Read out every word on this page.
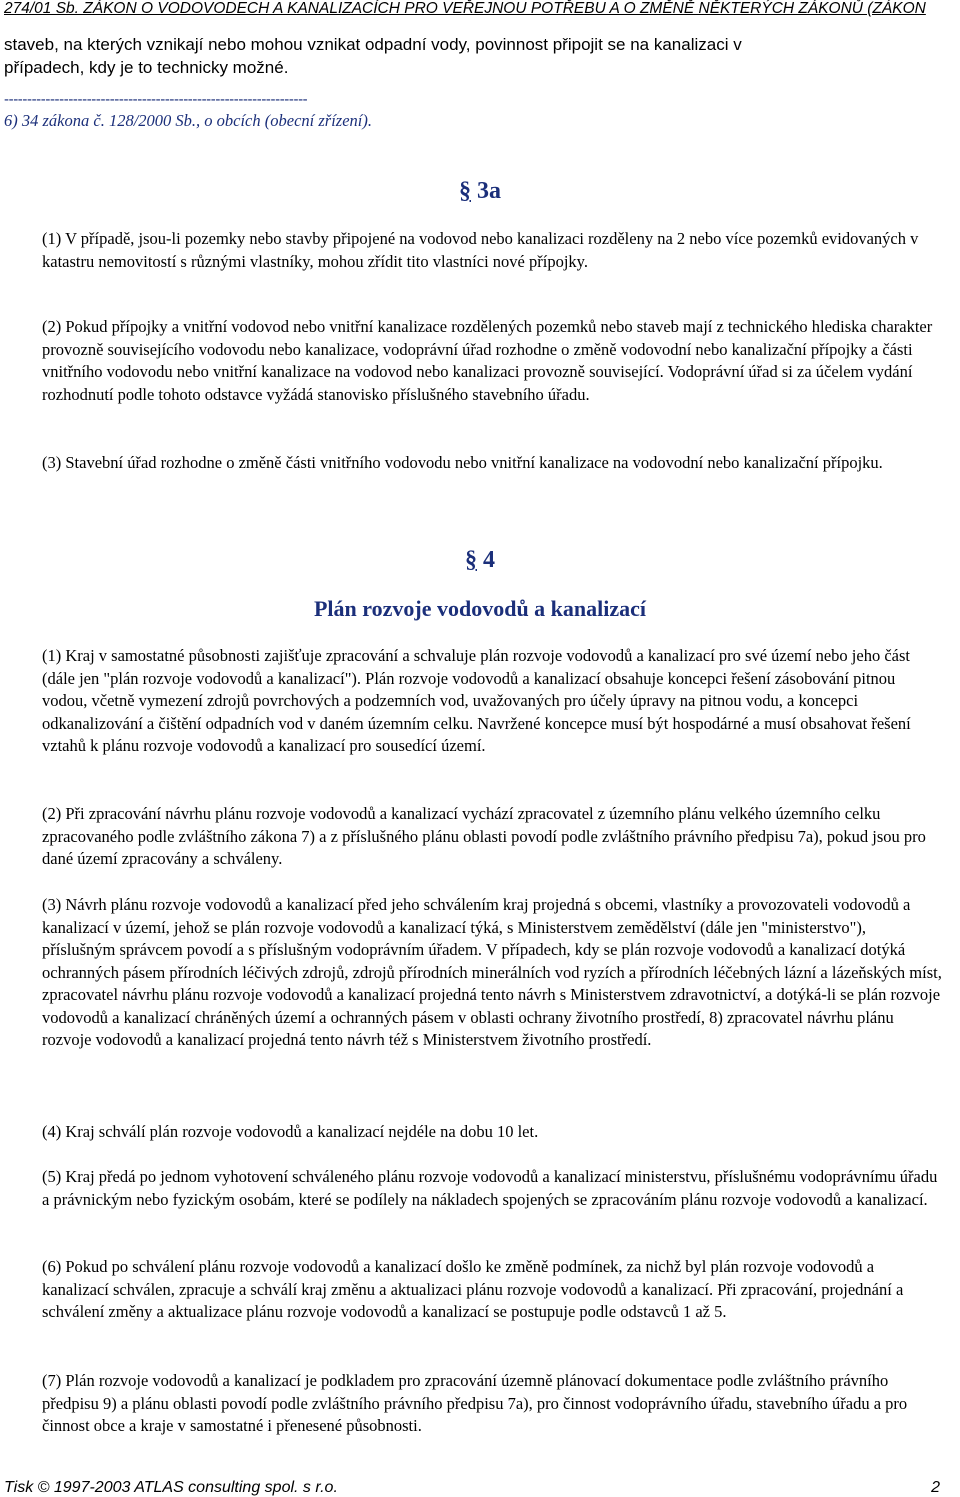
274/01 Sb. ZÁKON O VODOVODECH A KANALIZACÍCH PRO VEŘEJNOU POTŘEBU A O ZMĚNĚ NĚKTERÝCH ZÁKONŮ (ZÁKON

staveb, na kterých vznikají nebo mohou vznikat odpadní vody, povinnost připojit se na kanalizaci v

případech, kdy je to technicky možné.

------------------------------------------------------------------
6) 34 zákona č. 128/2000 Sb., o obcích (obecní zřízení).
§ 3a

(1) V případě, jsou-li pozemky nebo stavby připojené na vodovod nebo kanalizaci rozděleny na 2 nebo více pozemků evidovaných v katastru nemovitostí s různými vlastníky, mohou zřídit tito vlastníci nové přípojky.

(2) Pokud přípojky a vnitřní vodovod nebo vnitřní kanalizace rozdělených pozemků nebo staveb mají z technického hlediska charakter provozně souvisejícího vodovodu nebo kanalizace, vodoprávní úřad rozhodne o změně vodovodní nebo kanalizační přípojky a části vnitřního vodovodu nebo vnitřní kanalizace na vodovod nebo kanalizaci provozně související. Vodoprávní úřad si za účelem vydání rozhodnutí podle tohoto odstavce vyžádá stanovisko příslušného stavebního úřadu.

(3) Stavební úřad rozhodne o změně části vnitřního vodovodu nebo vnitřní kanalizace na vodovodní nebo kanalizační přípojku.

§ 4
Plán rozvoje vodovodů a kanalizací

(1) Kraj v samostatné působnosti zajišťuje zpracování a schvaluje plán rozvoje vodovodů a kanalizací pro své území nebo jeho část (dále jen "plán rozvoje vodovodů a kanalizací"). Plán rozvoje vodovodů a kanalizací obsahuje koncepci řešení zásobování pitnou vodou, včetně vymezení zdrojů povrchových a podzemních vod, uvažovaných pro účely úpravy na pitnou vodu, a koncepci odkanalizování a čištění odpadních vod v daném územním celku. Navržené koncepce musí být hospodárné a musí obsahovat řešení vztahů k plánu rozvoje vodovodů a kanalizací pro sousedící území.

(2) Při zpracování návrhu plánu rozvoje vodovodů a kanalizací vychází zpracovatel z územního plánu velkého územního celku zpracovaného podle zvláštního zákona 7) a z příslušného plánu oblasti povodí podle zvláštního právního předpisu 7a), pokud jsou pro dané území zpracovány a schváleny.

(3) Návrh plánu rozvoje vodovodů a kanalizací před jeho schválením kraj projedná s obcemi, vlastníky a provozovateli vodovodů a kanalizací v území, jehož se plán rozvoje vodovodů a kanalizací týká, s Ministerstvem zemědělství (dále jen "ministerstvo"), příslušným správcem povodí a s příslušným vodoprávním úřadem. V případech, kdy se plán rozvoje vodovodů a kanalizací dotýká ochranných pásem přírodních léčivých zdrojů, zdrojů přírodních minerálních vod ryzích a přírodních léčebných lázní a lázeňských míst, zpracovatel návrhu plánu rozvoje vodovodů a kanalizací projedná tento návrh s Ministerstvem zdravotnictví, a dotýká-li se plán rozvoje vodovodů a kanalizací chráněných území a ochranných pásem v oblasti ochrany životního prostředí, 8) zpracovatel návrhu plánu rozvoje vodovodů a kanalizací projedná tento návrh též s Ministerstvem životního prostředí.

(4) Kraj schválí plán rozvoje vodovodů a kanalizací nejdéle na dobu 10 let.

(5) Kraj předá po jednom vyhotovení schváleného plánu rozvoje vodovodů a kanalizací ministerstvu, příslušnému vodoprávnímu úřadu a právnickým nebo fyzickým osobám, které se podílely na nákladech spojených se zpracováním plánu rozvoje vodovodů a kanalizací.

(6) Pokud po schválení plánu rozvoje vodovodů a kanalizací došlo ke změně podmínek, za nichž byl plán rozvoje vodovodů a kanalizací schválen, zpracuje a schválí kraj změnu a aktualizaci plánu rozvoje vodovodů a kanalizací. Při zpracování, projednání a schválení změny a aktualizace plánu rozvoje vodovodů a kanalizací se postupuje podle odstavců 1 až 5.

(7) Plán rozvoje vodovodů a kanalizací je podkladem pro zpracování územně plánovací dokumentace podle zvláštního právního předpisu 9) a plánu oblasti povodí podle zvláštního právního předpisu 7a), pro činnost vodoprávního úřadu, stavebního úřadu a pro činnost obce a kraje v samostatné i přenesené působnosti.

Tisk © 1997-2003 ATLAS consulting spol. s r.o.	2
